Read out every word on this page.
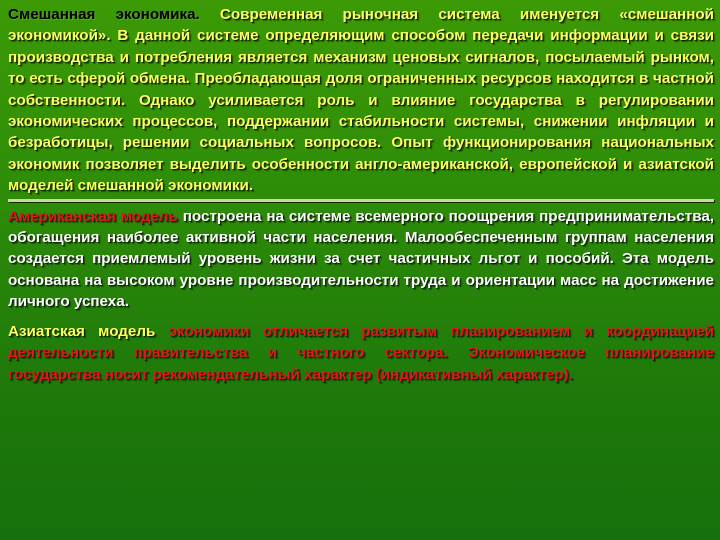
Смешанная экономика. Современная рыночная система именуется «смешанной экономикой». В данной системе определяющим способом передачи информации и связи производства и потребления является механизм ценовых сигналов, посылаемый рынком, то есть сферой обмена. Преобладающая доля ограниченных ресурсов находится в частной собственности. Однако усиливается роль и влияние государства в регулировании экономических процессов, поддержании стабильности системы, снижении инфляции и безработицы, решении социальных вопросов. Опыт функционирования национальных экономик позволяет выделить особенности англо-американской, европейской и азиатской моделей смешанной экономики.

Американская модель построена на системе всемерного поощрения предпринимательства, обогащения наиболее активной части населения. Малообеспеченным группам населения создается приемлемый уровень жизни за счет частичных льгот и пособий. Эта модель основана на высоком уровне производительности труда и ориентации масс на достижение личного успеха.

Азиатская модель экономики отличается развитым планированием и координацией деятельности правительства и частного сектора. Экономическое планирование государства носит рекомендательный характер (индикативный характер).
